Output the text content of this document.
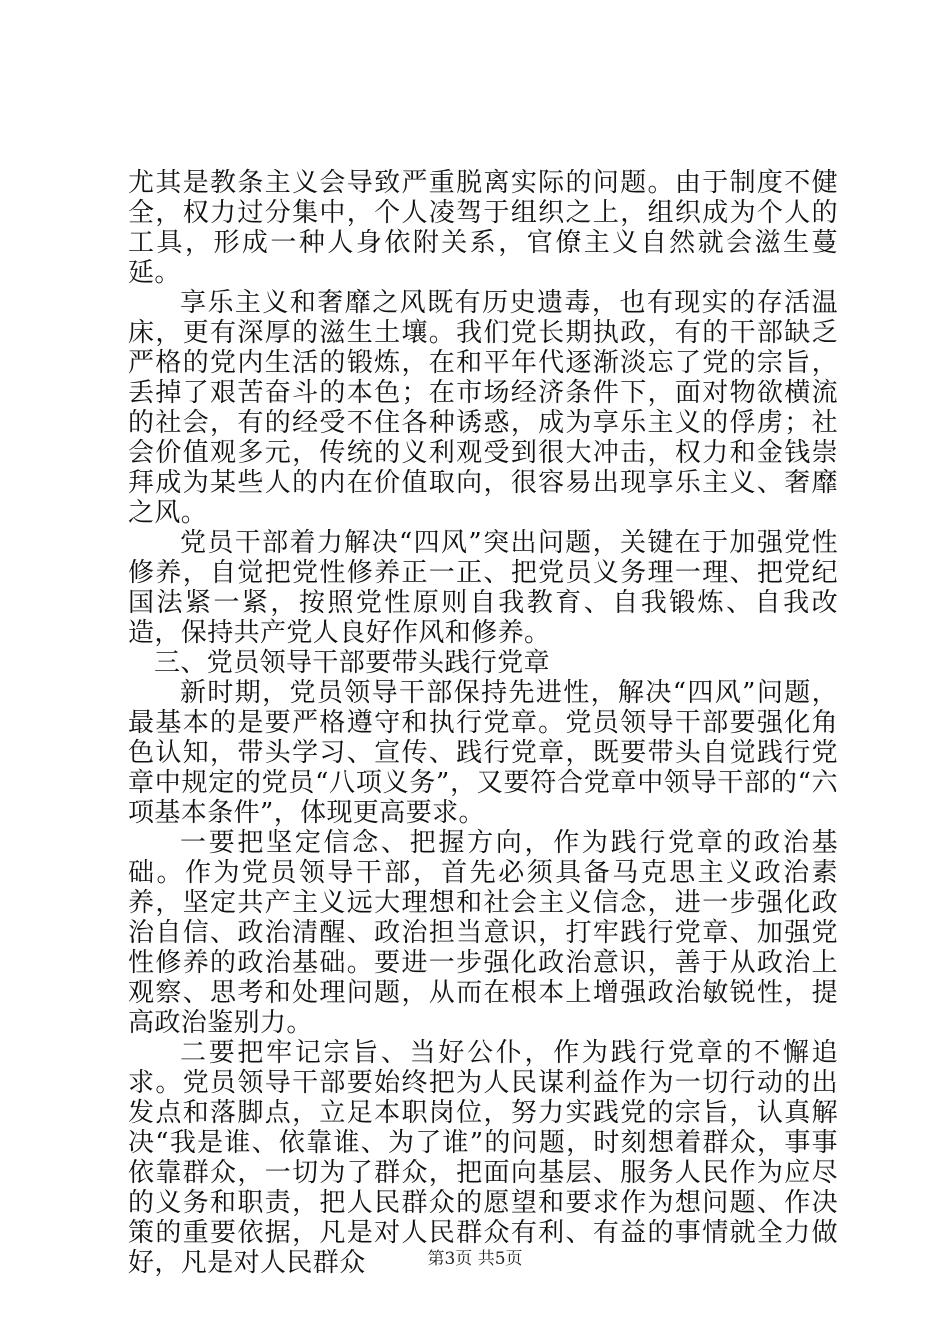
尤其是教条主义会导致严重脱离实际的问题。由于制度不健全，权力过分集中，个人凌驾于组织之上，组织成为个人的工具，形成一种人身依附关系，官僚主义自然就会滋生蔓延。

享乐主义和奢靡之风既有历史遗毒，也有现实的存活温床，更有深厚的滋生土壤。我们党长期执政，有的干部缺乏严格的党内生活的锻炼，在和平年代逐渐淡忘了党的宗旨，丢掉了艰苦奋斗的本色；在市场经济条件下，面对物欲横流的社会，有的经受不住各种诱惑，成为享乐主义的俘虏；社会价值观多元，传统的义利观受到很大冲击，权力和金钱崇拜成为某些人的内在价值取向，很容易出现享乐主义、奢靡之风。

党员干部着力解决“四风”突出问题，关键在于加强党性修养，自觉把党性修养正一正、把党员义务理一理、把党纪国法紧一紧，按照党性原则自我教育、自我锻炼、自我改造，保持共产党人良好作风和修养。

三、党员领导干部要带头践行党章

新时期，党员领导干部保持先进性，解决“四风”问题，最基本的是要严格遵守和执行党章。党员领导干部要强化角色认知，带头学习、宣传、践行党章，既要带头自觉践行党章中规定的党员“八项义务”，又要符合党章中领导干部的“六项基本条件”，体现更高要求。

一要把坚定信念、把握方向，作为践行党章的政治基础。作为党员领导干部，首先必须具备马克思主义政治素养，坚定共产主义远大理想和社会主义信念，进一步强化政治自信、政治清醒、政治担当意识，打牢践行党章、加强党性修养的政治基础。要进一步强化政治意识，善于从政治上观察、思考和处理问题，从而在根本上增强政治敏锐性，提高政治鉴别力。

二要把牢记宗旨、当好公仆，作为践行党章的不懈追求。党员领导干部要始终把为人民谋利益作为一切行动的出发点和落脚点，立足本职岗位，努力实践党的宗旨，认真解决“我是谁、依靠谁、为了谁”的问题，时刻想着群众，事事依靠群众，一切为了群众，把面向基层、服务人民作为应尽的义务和职责，把人民群众的愿望和要求作为想问题、作决策的重要依据，凡是对人民群众有利、有益的事情就全力做好，凡是对人民群众	第3页 共5页
